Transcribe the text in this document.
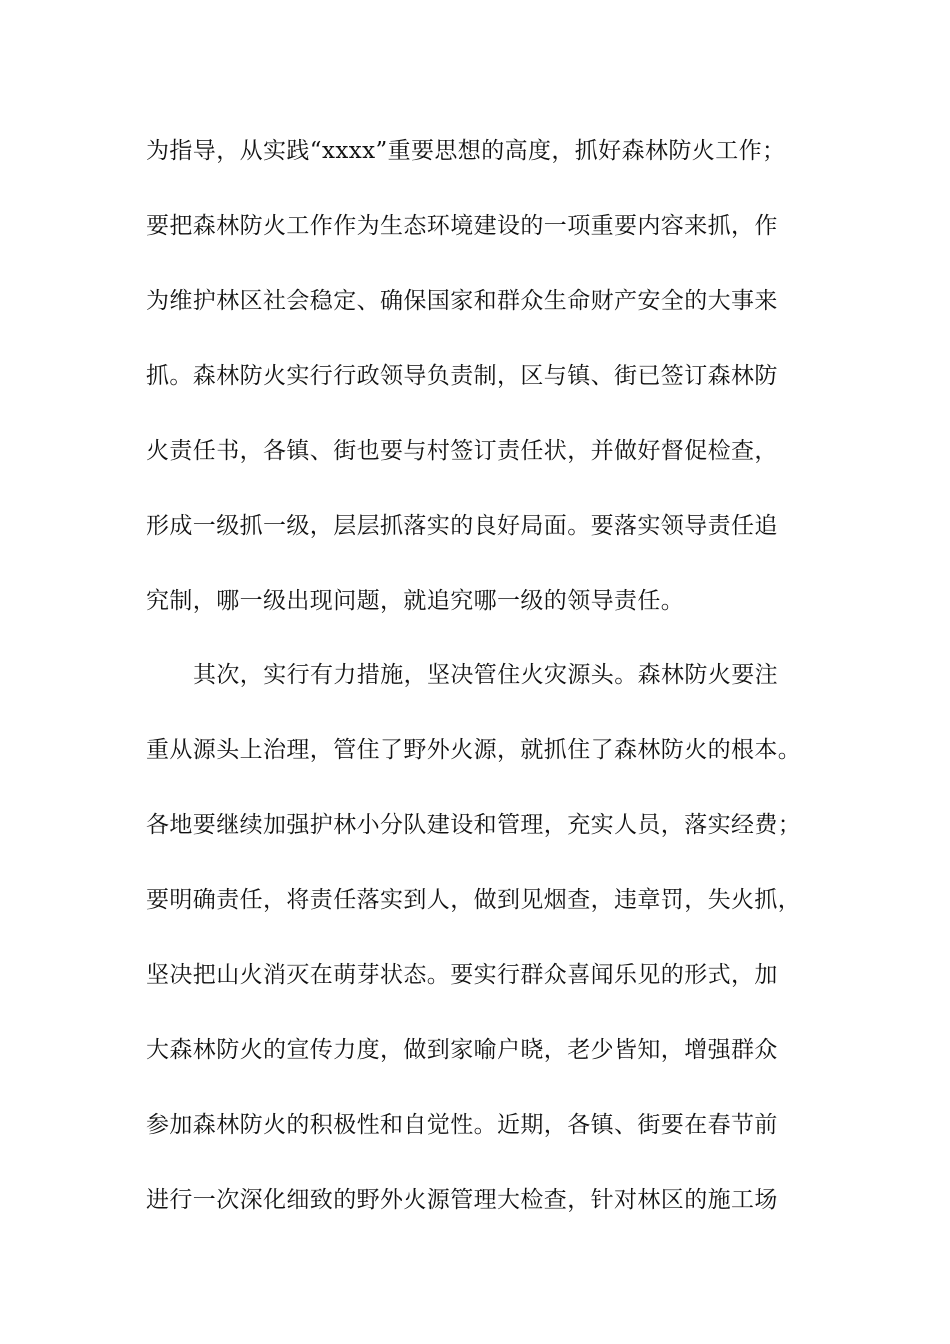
为指导，从实践“xxxx”重要思想的高度，抓好森林防火工作；
要把森林防火工作作为生态环境建设的一项重要内容来抓，作
为维护林区社会稳定、确保国家和群众生命财产安全的大事来
抓。森林防火实行行政领导负责制，区与镇、街已签订森林防
火责任书，各镇、街也要与村签订责任状，并做好督促检查，
形成一级抓一级，层层抓落实的良好局面。要落实领导责任追
究制，哪一级出现问题，就追究哪一级的领导责任。
其次，实行有力措施，坚决管住火灾源头。森林防火要注
重从源头上治理，管住了野外火源，就抓住了森林防火的根本。
各地要继续加强护林小分队建设和管理，充实人员，落实经费；
要明确责任，将责任落实到人，做到见烟查，违章罚，失火抓，
坚决把山火消灭在萌芽状态。要实行群众喜闻乐见的形式，加
大森林防火的宣传力度，做到家喻户晓，老少皆知，增强群众
参加森林防火的积极性和自觉性。近期，各镇、街要在春节前
进行一次深化细致的野外火源管理大检查，针对林区的施工场
